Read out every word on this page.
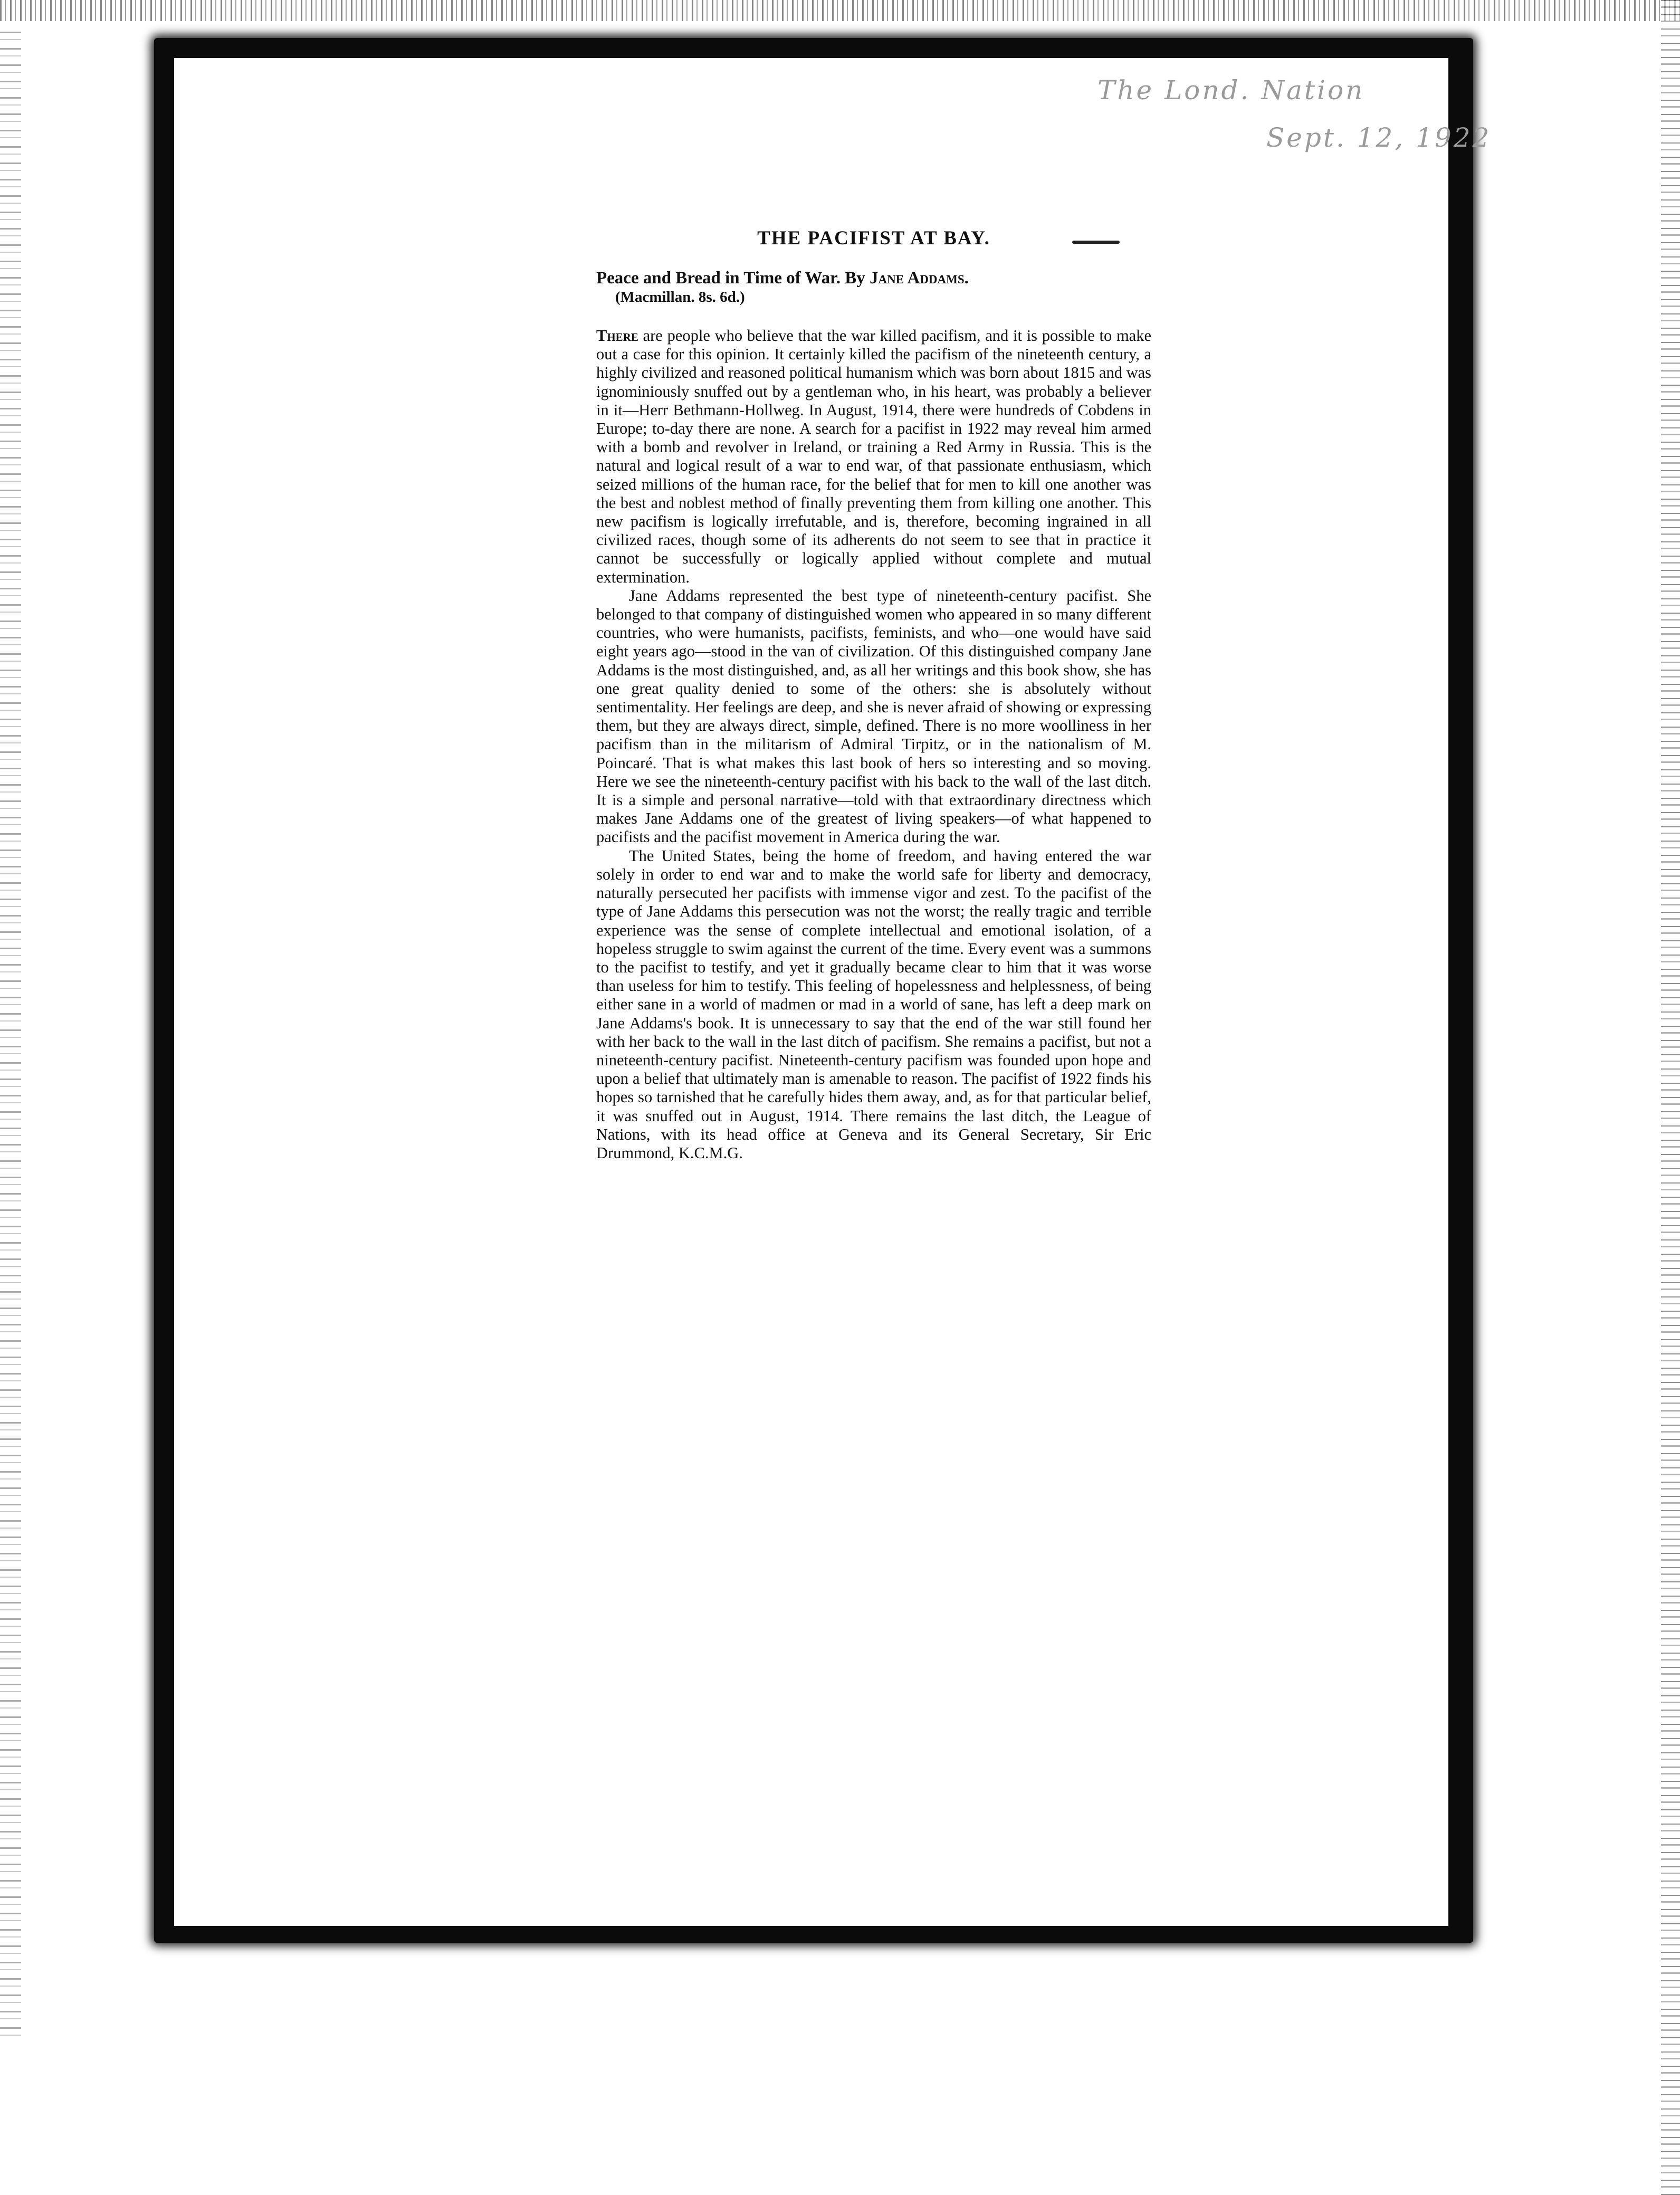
The Lond. Nation
Sept. 12, 1922
THE PACIFIST AT BAY.

Peace and Bread in Time of War. By Jane Addams.

(Macmillan. 8s. 6d.)

There are people who believe that the war killed pacifism, and it is possible to make out a case for this opinion. It certainly killed the pacifism of the nineteenth century, a highly civilized and reasoned political humanism which was born about 1815 and was ignominiously snuffed out by a gentleman who, in his heart, was probably a believer in it—Herr Bethmann-Hollweg. In August, 1914, there were hundreds of Cobdens in Europe; to-day there are none. A search for a pacifist in 1922 may reveal him armed with a bomb and revolver in Ireland, or training a Red Army in Russia. This is the natural and logical result of a war to end war, of that passionate enthusiasm, which seized millions of the human race, for the belief that for men to kill one another was the best and noblest method of finally preventing them from killing one another. This new pacifism is logically irrefutable, and is, therefore, becoming ingrained in all civilized races, though some of its adherents do not seem to see that in practice it cannot be successfully or logically applied without complete and mutual extermination.

Jane Addams represented the best type of nineteenth-century pacifist. She belonged to that company of distinguished women who appeared in so many different countries, who were humanists, pacifists, feminists, and who—one would have said eight years ago—stood in the van of civilization. Of this distinguished company Jane Addams is the most distinguished, and, as all her writings and this book show, she has one great quality denied to some of the others: she is absolutely without sentimentality. Her feelings are deep, and she is never afraid of showing or expressing them, but they are always direct, simple, defined. There is no more woolliness in her pacifism than in the militarism of Admiral Tirpitz, or in the nationalism of M. Poincaré. That is what makes this last book of hers so interesting and so moving. Here we see the nineteenth-century pacifist with his back to the wall of the last ditch. It is a simple and personal narrative—told with that extraordinary directness which makes Jane Addams one of the greatest of living speakers—of what happened to pacifists and the pacifist movement in America during the war.

The United States, being the home of freedom, and having entered the war solely in order to end war and to make the world safe for liberty and democracy, naturally persecuted her pacifists with immense vigor and zest. To the pacifist of the type of Jane Addams this persecution was not the worst; the really tragic and terrible experience was the sense of complete intellectual and emotional isolation, of a hopeless struggle to swim against the current of the time. Every event was a summons to the pacifist to testify, and yet it gradually became clear to him that it was worse than useless for him to testify. This feeling of hopelessness and helplessness, of being either sane in a world of madmen or mad in a world of sane, has left a deep mark on Jane Addams's book. It is unnecessary to say that the end of the war still found her with her back to the wall in the last ditch of pacifism. She remains a pacifist, but not a nineteenth-century pacifist. Nineteenth-century pacifism was founded upon hope and upon a belief that ultimately man is amenable to reason. The pacifist of 1922 finds his hopes so tarnished that he carefully hides them away, and, as for that particular belief, it was snuffed out in August, 1914. There remains the last ditch, the League of Nations, with its head office at Geneva and its General Secretary, Sir Eric Drummond, K.C.M.G.
